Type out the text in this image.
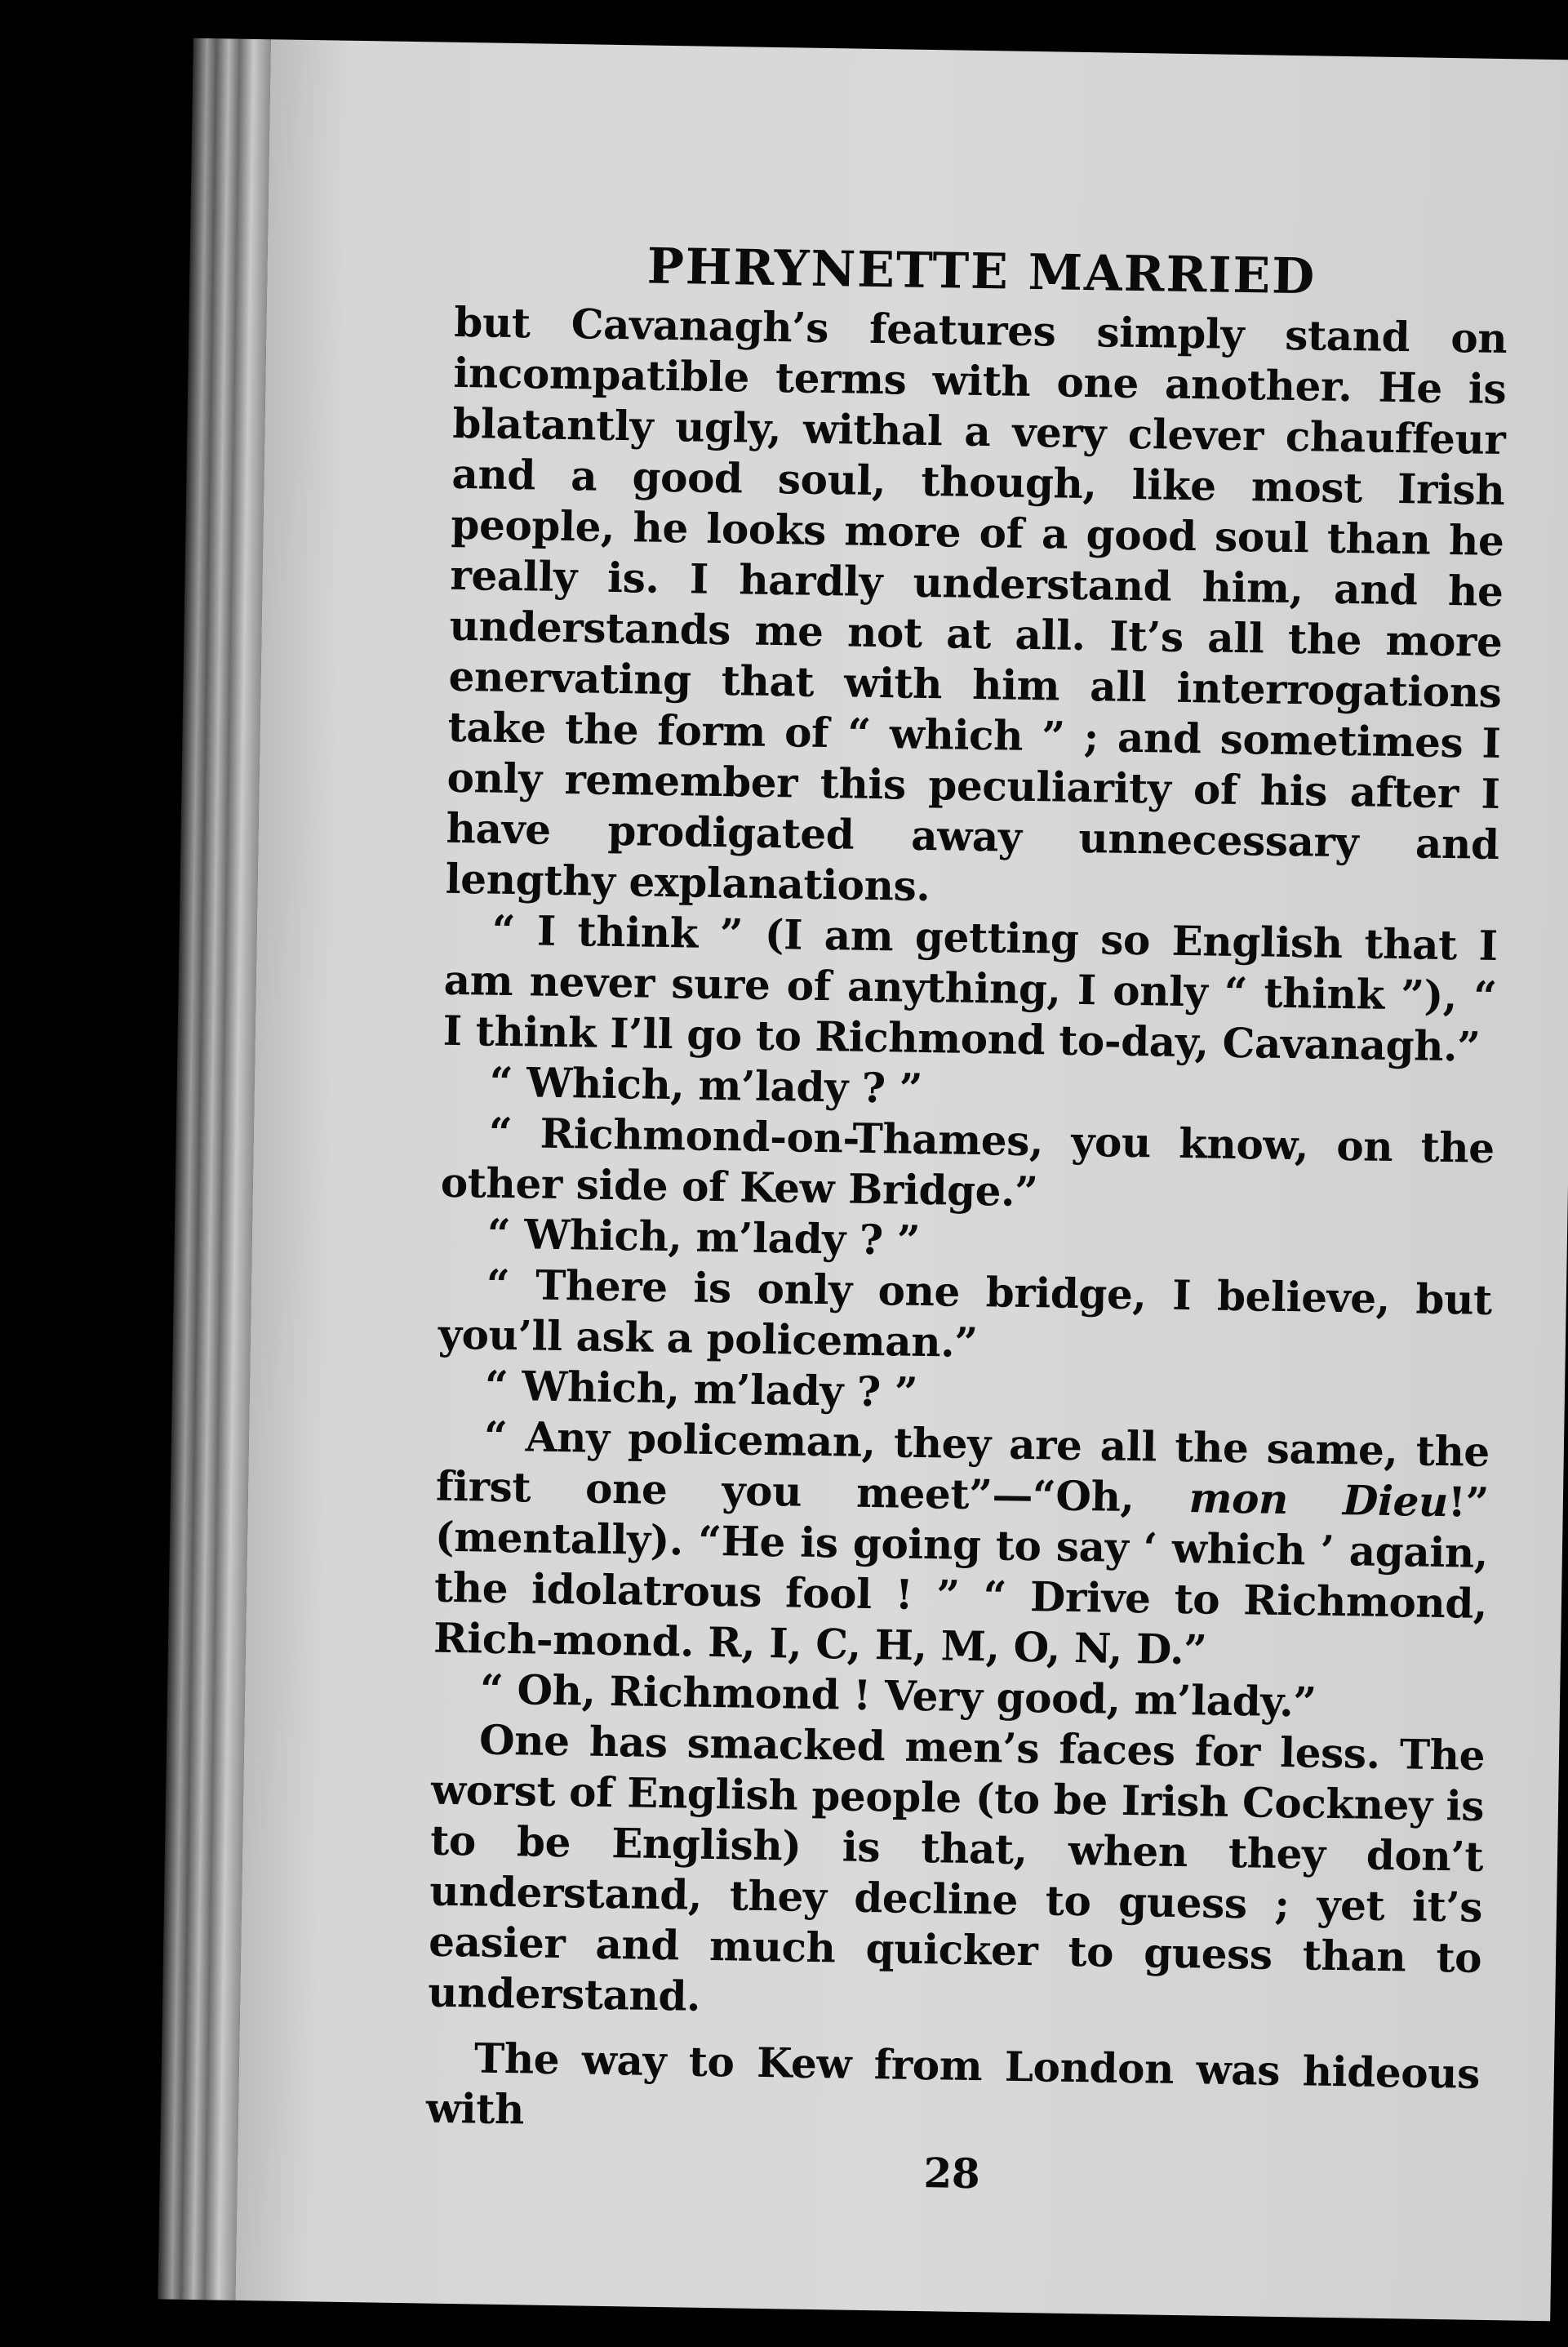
PHRYNETTE MARRIED

but Cavanagh’s features simply stand on incompatible terms with one another. He is blatantly ugly, withal a very clever chauffeur and a good soul, though, like most Irish people, he looks more of a good soul than he really is. I hardly understand him, and he understands me not at all. It’s all the more enervating that with him all interrogations take the form of “ which ” ; and sometimes I only remember this peculiarity of his after I have prodigated away unnecessary and lengthy explanations.

“ I think ” (I am getting so English that I am never sure of anything, I only “ think ”), “ I think I’ll go to Richmond to-day, Cavanagh.”

“ Which, m’lady ? ”

“ Richmond-on-Thames, you know, on the other side of Kew Bridge.”

“ Which, m’lady ? ”

“ There is only one bridge, I believe, but you’ll ask a policeman.”

“ Which, m’lady ? ”

“ Any policeman, they are all the same, the first one you meet”—“Oh, mon Dieu!” (mentally). “He is going to say ‘ which ’ again, the idolatrous fool ! ” “ Drive to Richmond, Rich-mond. R, I, C, H, M, O, N, D.”

“ Oh, Richmond ! Very good, m’lady.”

One has smacked men’s faces for less. The worst of English people (to be Irish Cockney is to be English) is that, when they don’t understand, they decline to guess ; yet it’s easier and much quicker to guess than to understand.

The way to Kew from London was hideous with

28
